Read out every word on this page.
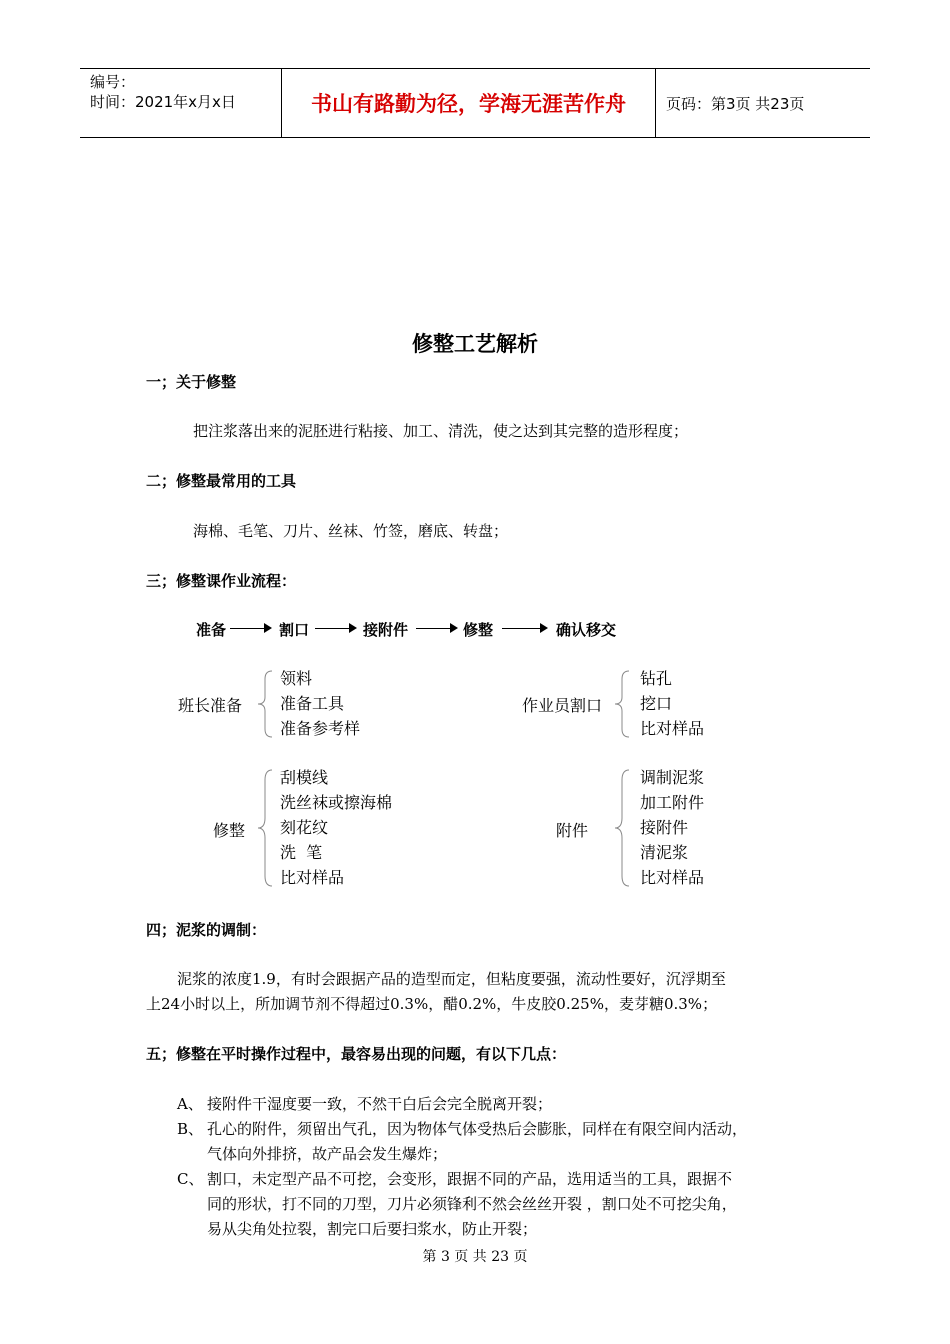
编号：
时间：2021年x月x日	书山有路勤为径，学海无涯苦作舟	页码：第3页 共23页
修整工艺解析
一；关于修整
把注浆落出来的泥胚进行粘接、加工、清洗，使之达到其完整的造形程度；
二；修整最常用的工具
海棉、毛笔、刀片、丝袜、竹签，磨底、转盘；
三；修整课作业流程：
准备	割口	接附件	修整	确认移交
班长准备
领料
准备工具
准备参考样
作业员割口
钻孔
挖口
比对样品
修整
刮模线
洗丝袜或擦海棉
刻花纹
洗  笔
比对样品
附件
调制泥浆
加工附件
接附件
清泥浆
比对样品
四；泥浆的调制：
泥浆的浓度1.9，有时会跟据产品的造型而定，但粘度要强，流动性要好，沉浮期至
上24小时以上，所加调节剂不得超过0.3%，醋0.2%，牛皮胶0.25%，麦芽糖0.3%；
五；修整在平时操作过程中，最容易出现的问题，有以下几点：
A、 接附件干湿度要一致，不然干白后会完全脱离开裂；
B、 孔心的附件，须留出气孔，因为物体气体受热后会膨胀，同样在有限空间内活动，
气体向外排挤，故产品会发生爆炸；
C、 割口，未定型产品不可挖，会变形，跟据不同的产品，选用适当的工具，跟据不
同的形状，打不同的刀型，刀片必须锋利不然会丝丝开裂 ，割口处不可挖尖角，
易从尖角处拉裂，割完口后要扫浆水，防止开裂；
第 3 页 共 23 页
